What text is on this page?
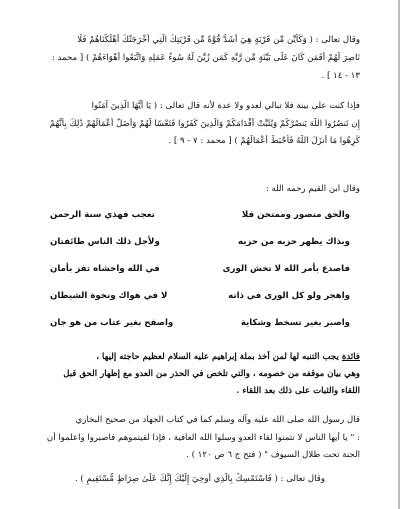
وقال تعالى : ( وَكَأَيِّن مِّن قَرْيَةٍ هِيَ أَشَدُّ قُوَّةً مِّن قَرْيَتِكَ الَّتِي أَخْرَجَتْكَ أَهْلَكْنَاهُمْ فَلَا
نَاصِرَ لَهُمْ أَفَمَن كَانَ عَلَى بَيِّنَةٍ مِّن رَّبِّهِ كَمَن زُيِّنَ لَهُ سُوءُ عَمَلِهِ وَاتَّبَعُوا أَهْوَاءَهُمْ ) [ محمد :
١٣ - ١٤ ] .
فإذا كنت على بينة فلا تبالي لعدو ولا عدة لأنه قال تعالى : ( يَا أَيُّهَا الَّذِينَ آمَنُوا
إِن تَنصُرُوا اللَّهَ يَنصُرْكُمْ وَيُثَبِّتْ أَقْدَامَكُمْ وَالَّذِينَ كَفَرُوا فَتَعْسًا لَّهُمْ وَأَضَلَّ أَعْمَالَهُمْ ذَٰلِكَ بِأَنَّهُمْ
كَرِهُوا مَا أَنزَلَ اللَّهُ فَأَحْبَطَ أَعْمَالَهُمْ ) [ محمد : ٧ - ٩ ] .
وقال ابن القيم رحمه الله :
والحق منصور وممتحن فلا
تعجب فهذي سنة الرحمن
وبذاك يظهر حزبه من حزبه
ولأجل ذلك الناس طائفتان
فاصدع بأمر الله لا تخش الورى
في الله واخشاه تفز بأمان
واهجر ولو كل الورى في ذاته
لا في هواك ونخوة الشيطان
واصبر بغير تسخط وشكاية
واصفح بغير عتاب من هو جان
فائدة يجب التنبه لها لمن أخذ بملة إبراهيم عليه السلام لعظيم حاجته إليها ،
وهي بيان موقفه من خصومه ، والتي تلخص في الحذر من العدو مع إظهار الحق قبل
اللقاء والثبات على ذلك بعد اللقاء .
قال رسول الله صلى الله عليه وآله وسلم كما في كتاب الجهاد من صحيح البخاري
: " يا أيها الناس لا تتمنوا لقاء العدو وسلوا الله العافية ، فإذا لقيتموهم فاصبروا واعلموا أن
الجنة تحت ظلال السيوف " ( فتح ج ٦ ص ١٢٠ ) .
وقال تعالى : ( فَاسْتَمْسِكْ بِالَّذِي أُوحِيَ إِلَيْكَ إِنَّكَ عَلَىٰ صِرَاطٍ مُّسْتَقِيمٍ ) .
